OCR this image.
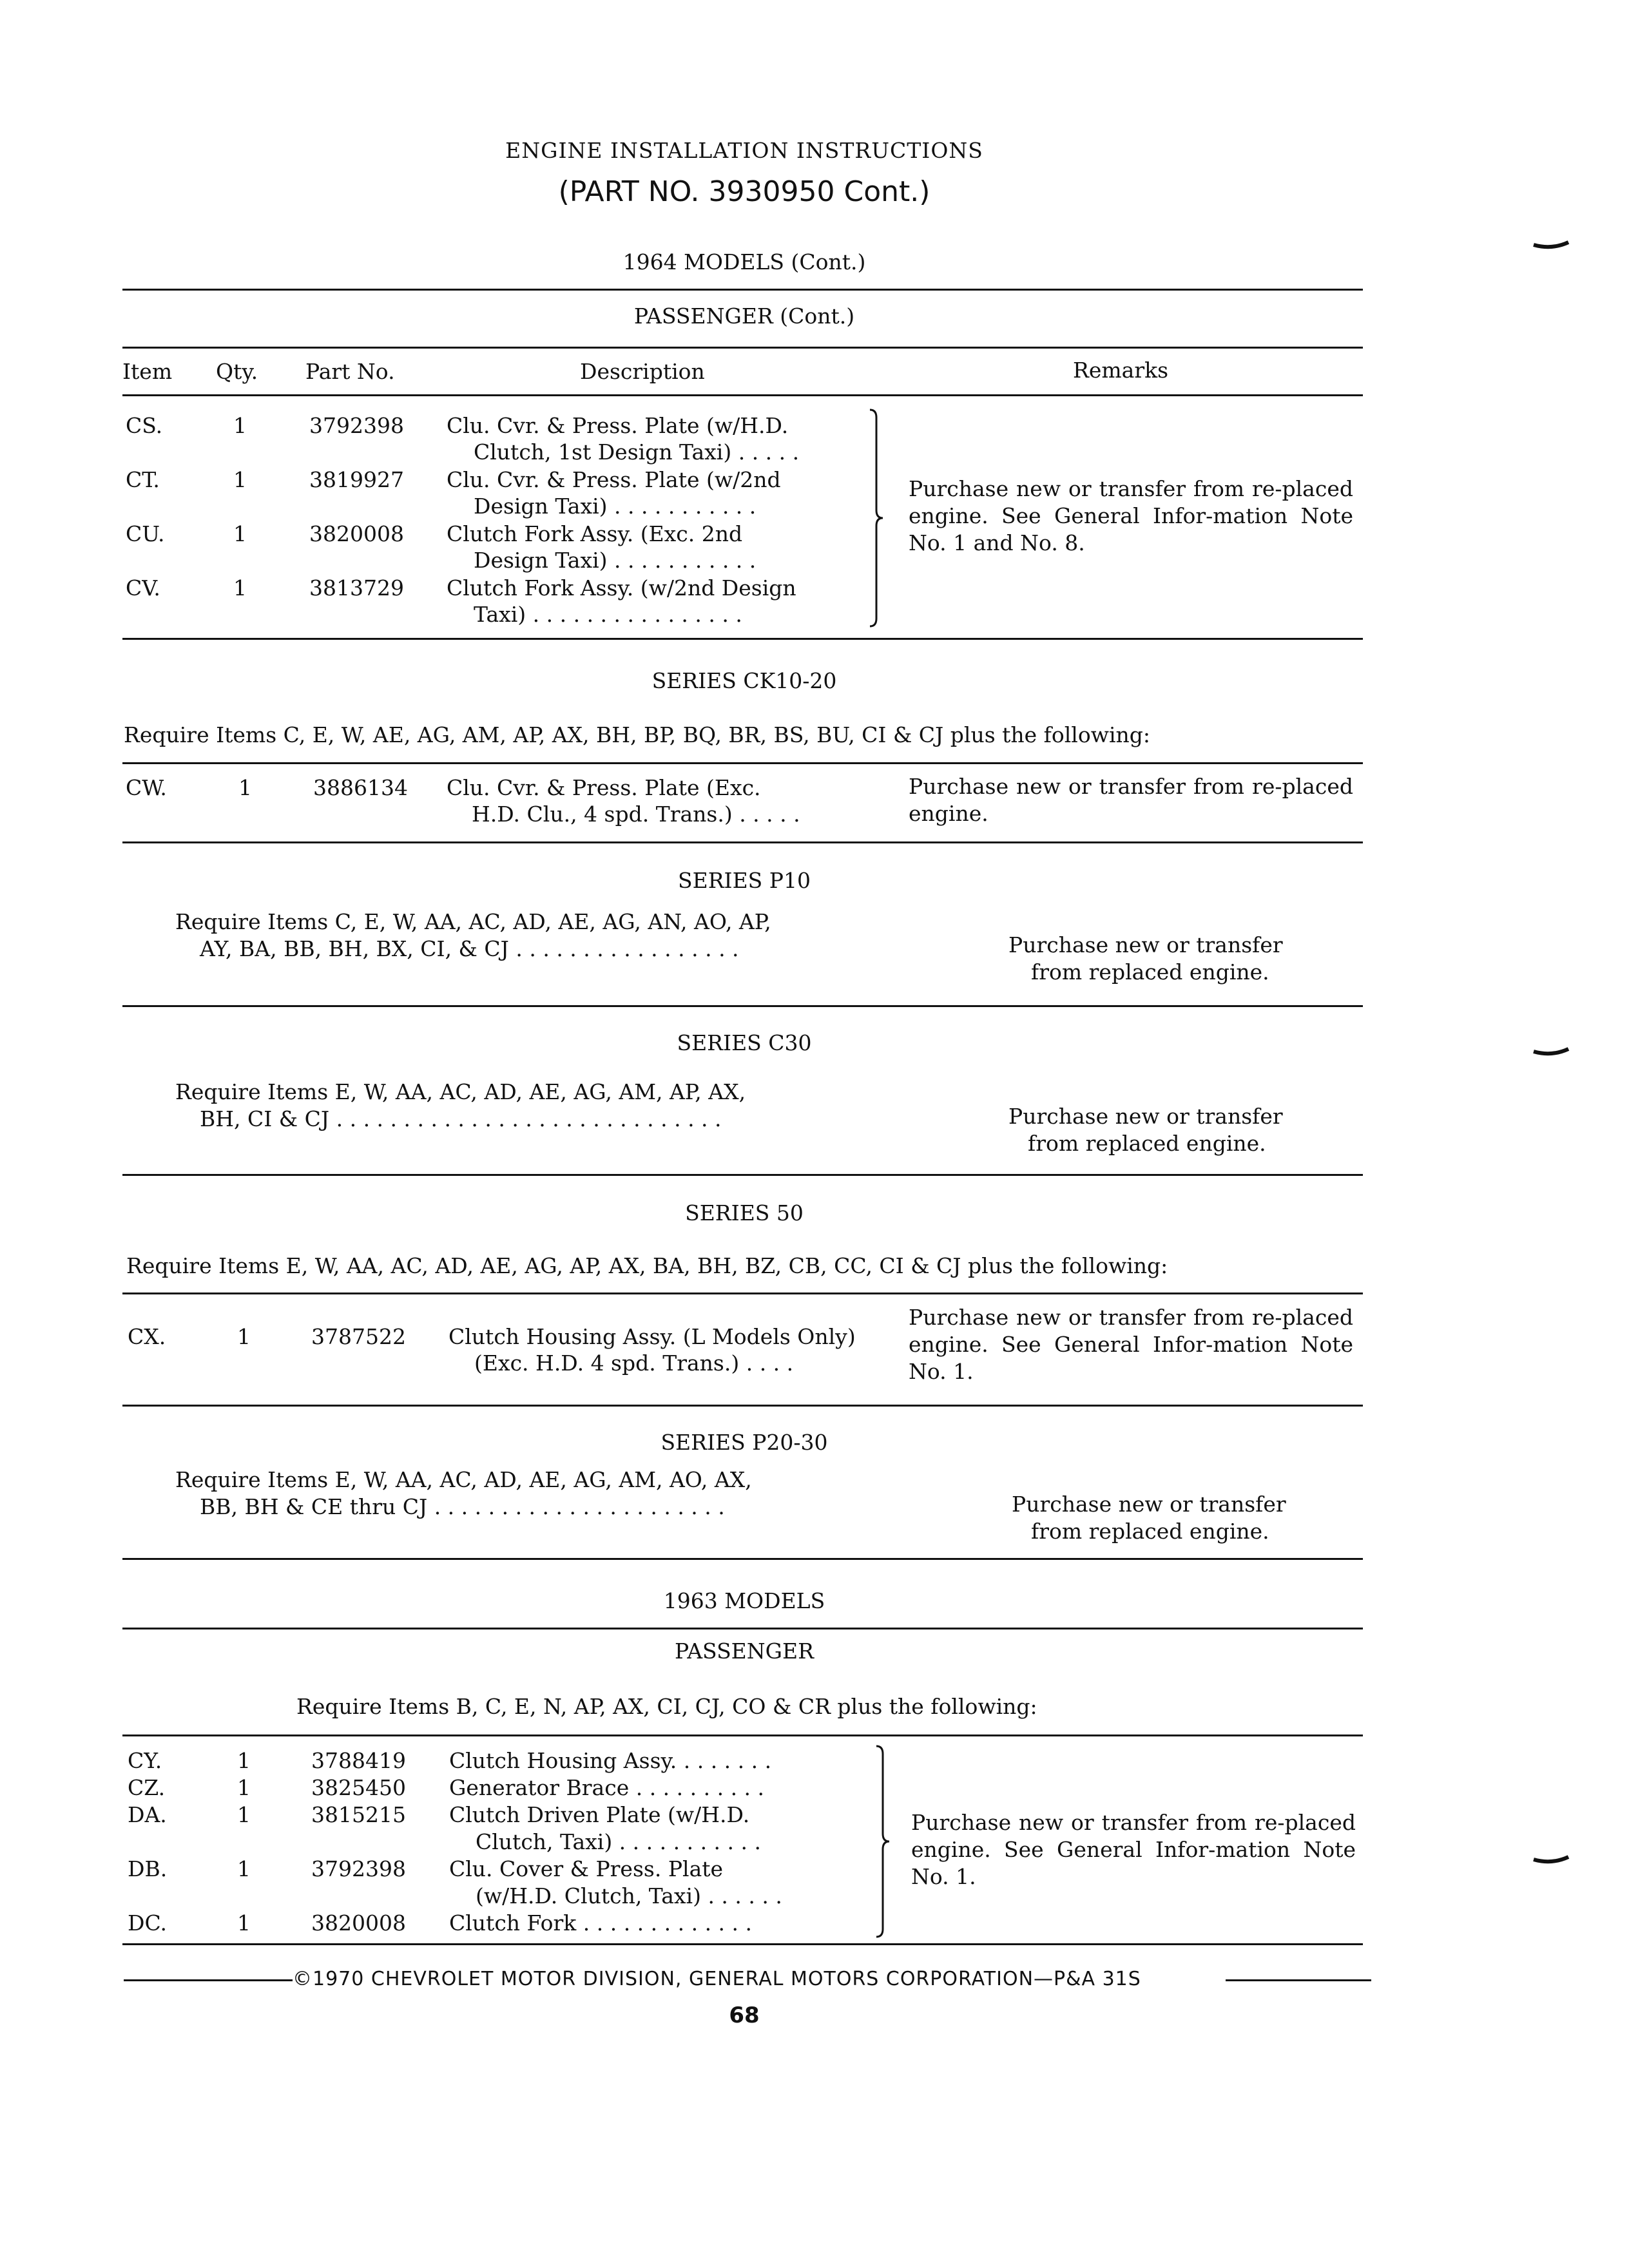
ENGINE INSTALLATION INSTRUCTIONS
(PART NO. 3930950 Cont.)
1964 MODELS (Cont.)
PASSENGER (Cont.)
Item Qty. Part No.	Description	Remarks
CS.	1	3792398 Clu. Cvr. & Press. Plate (w/H.D.
Clutch, 1st Design Taxi) . . . . .
CT.	1	3819927 Clu. Cvr. & Press. Plate (w/2nd
Design Taxi) . . . . . . . . . . .
CU.	1	3820008 Clutch Fork Assy. (Exc. 2nd
Design Taxi) . . . . . . . . . . .
CV.	1	3813729 Clutch Fork Assy. (w/2nd Design
Taxi) . . . . . . . . . . . . . . . .
Purchase new or transfer from re-placed engine. See General Infor-mation Note No. 1 and No. 8.
SERIES CK10-20
Require Items C, E, W, AE, AG, AM, AP, AX, BH, BP, BQ, BR, BS, BU, CI & CJ plus the following:
CW.	1	3886134 Clu. Cvr. & Press. Plate (Exc.
H.D. Clu., 4 spd. Trans.) . . . . .
Purchase new or transfer from re-placed engine.
SERIES P10
Require Items C, E, W, AA, AC, AD, AE, AG, AN, AO, AP,
AY, BA, BB, BH, BX, CI, & CJ . . . . . . . . . . . . . . . . .	Purchase new or transfer
from replaced engine.
SERIES C30
Require Items E, W, AA, AC, AD, AE, AG, AM, AP, AX,
BH, CI & CJ . . . . . . . . . . . . . . . . . . . . . . . . . . . . .	Purchase new or transfer
from replaced engine.
SERIES 50
Require Items E, W, AA, AC, AD, AE, AG, AP, AX, BA, BH, BZ, CB, CC, CI & CJ plus the following:
CX.	1	3787522 Clutch Housing Assy. (L Models Only)
(Exc. H.D. 4 spd. Trans.) . . . .
Purchase new or transfer from re-placed engine. See General Infor-mation Note No. 1.
SERIES P20-30
Require Items E, W, AA, AC, AD, AE, AG, AM, AO, AX,
BB, BH & CE thru CJ . . . . . . . . . . . . . . . . . . . . . .	Purchase new or transfer
from replaced engine.
1963 MODELS
PASSENGER
Require Items B, C, E, N, AP, AX, CI, CJ, CO & CR plus the following:
CY.	1	3788419 Clutch Housing Assy. . . . . . . .
CZ.	1	3825450 Generator Brace . . . . . . . . . .
DA.	1	3815215 Clutch Driven Plate (w/H.D.
Clutch, Taxi) . . . . . . . . . . .
DB.	1	3792398 Clu. Cover & Press. Plate
(w/H.D. Clutch, Taxi) . . . . . .
DC.	1	3820008 Clutch Fork . . . . . . . . . . . . .
Purchase new or transfer from re-placed engine. See General Infor-mation Note No. 1.
©1970 CHEVROLET MOTOR DIVISION, GENERAL MOTORS CORPORATION—P&A 31S
68
